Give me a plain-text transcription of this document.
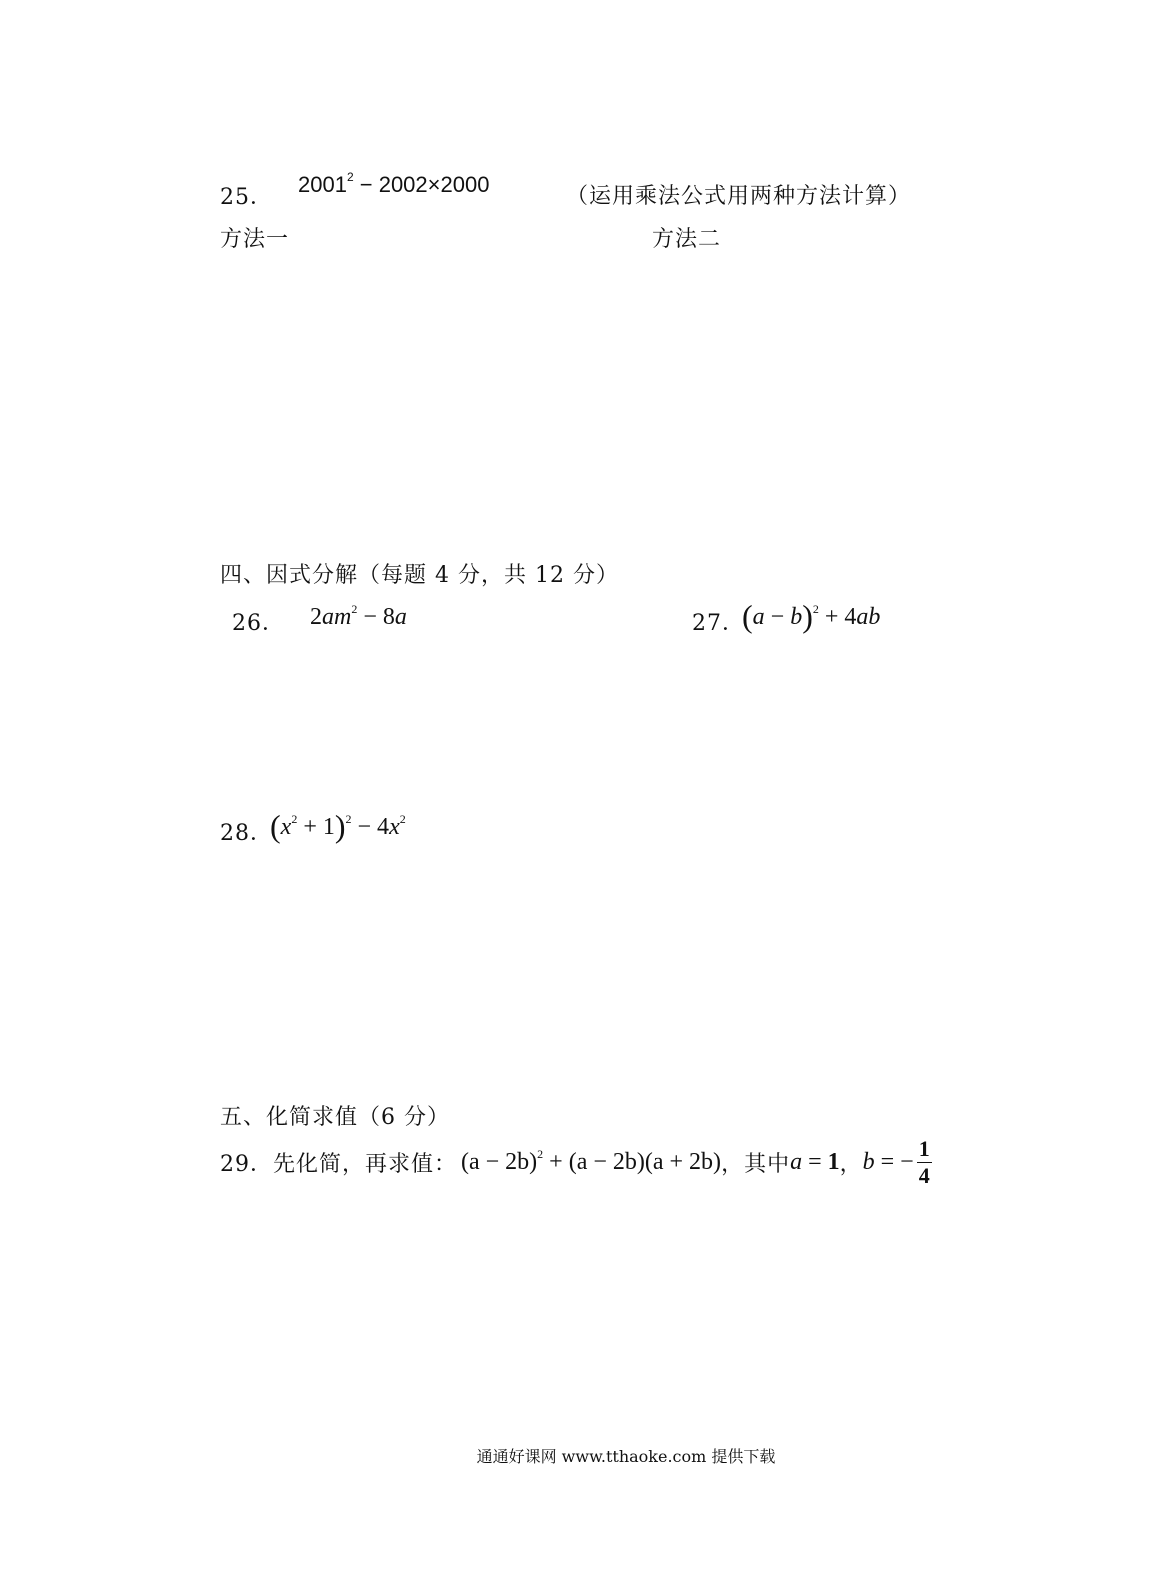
25．
$2001^2 - 2002\times 2000$	（运用乘法公式用两种方法计算）
方法一	方法二
四、因式分解（每题 4 分，共 12 分）
26． $2am^2 - 8a$	27．
$(a - b)^2 + 4ab$
28．
$(x^2 + 1)^2 - 4x^2$
五、化简求值（6 分）
29．先化简，再求值： $(a - 2b)^2 + (a - 2b)(a + 2b)$ ，其中 a = 1 ， b = − $\frac{1}{4}$
通通好课网 www.tthaoke.com 提供下载
